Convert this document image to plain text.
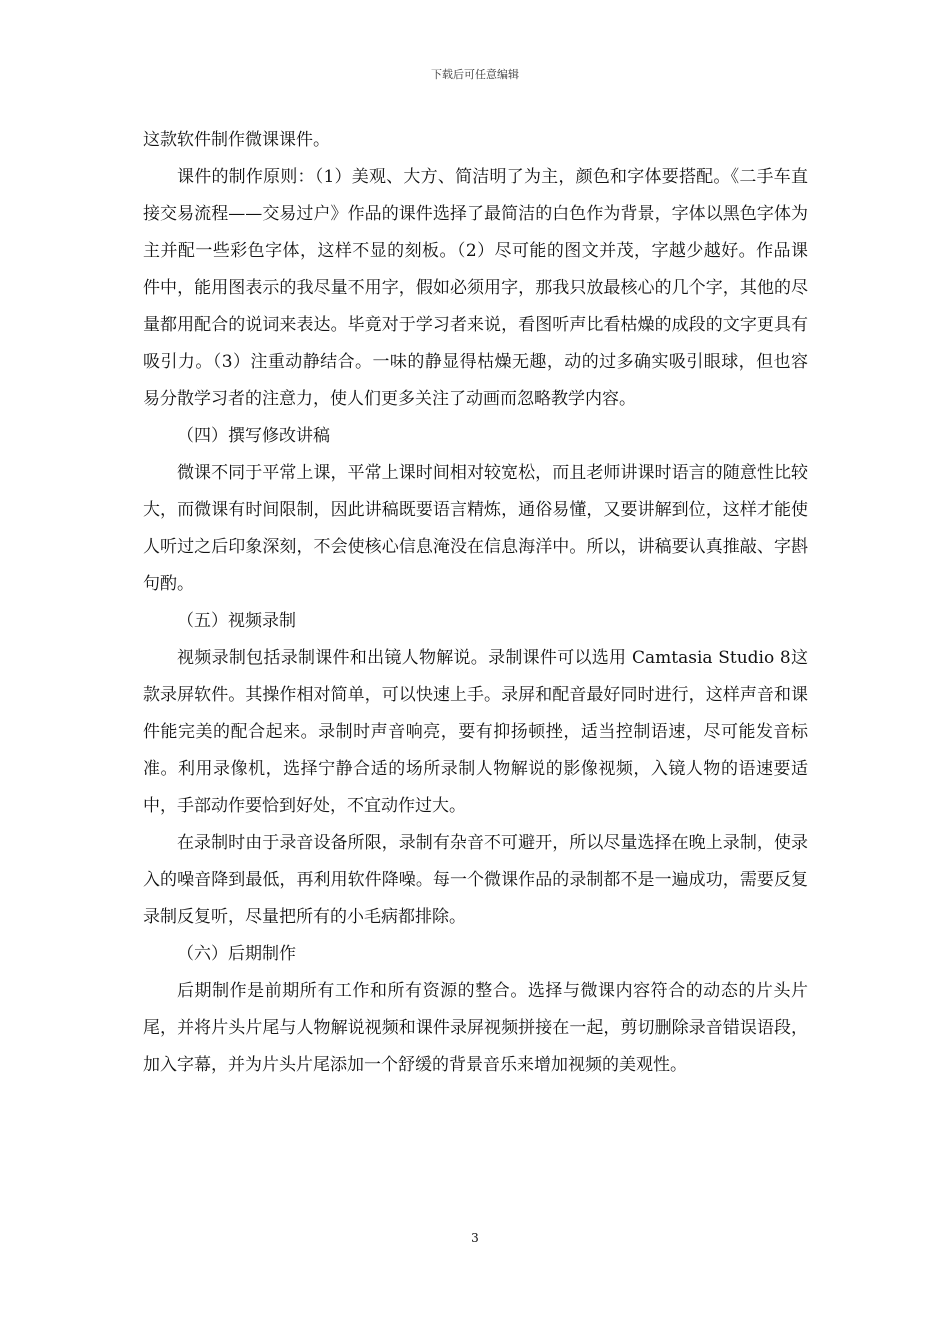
下载后可任意编辑

这款软件制作微课课件。

课件的制作原则：（1）美观、大方、简洁明了为主，颜色和字体要搭配。《二手车直接交易流程——交易过户》作品的课件选择了最简洁的白色作为背景，字体以黑色字体为主并配一些彩色字体，这样不显的刻板。（2）尽可能的图文并茂，字越少越好。作品课件中，能用图表示的我尽量不用字，假如必须用字，那我只放最核心的几个字，其他的尽量都用配合的说词来表达。毕竟对于学习者来说，看图听声比看枯燥的成段的文字更具有吸引力。（3）注重动静结合。一味的静显得枯燥无趣，动的过多确实吸引眼球，但也容易分散学习者的注意力，使人们更多关注了动画而忽略教学内容。

（四）撰写修改讲稿

微课不同于平常上课，平常上课时间相对较宽松，而且老师讲课时语言的随意性比较大，而微课有时间限制，因此讲稿既要语言精炼，通俗易懂，又要讲解到位，这样才能使人听过之后印象深刻，不会使核心信息淹没在信息海洋中。所以，讲稿要认真推敲、字斟句酌。

（五）视频录制

视频录制包括录制课件和出镜人物解说。录制课件可以选用 Camtasia Studio 8这款录屏软件。其操作相对简单，可以快速上手。录屏和配音最好同时进行，这样声音和课件能完美的配合起来。录制时声音响亮，要有抑扬顿挫，适当控制语速，尽可能发音标准。利用录像机，选择宁静合适的场所录制人物解说的影像视频，入镜人物的语速要适中，手部动作要恰到好处，不宜动作过大。

在录制时由于录音设备所限，录制有杂音不可避开，所以尽量选择在晚上录制，使录入的噪音降到最低，再利用软件降噪。每一个微课作品的录制都不是一遍成功，需要反复录制反复听，尽量把所有的小毛病都排除。

（六）后期制作

后期制作是前期所有工作和所有资源的整合。选择与微课内容符合的动态的片头片尾，并将片头片尾与人物解说视频和课件录屏视频拼接在一起，剪切删除录音错误语段，加入字幕，并为片头片尾添加一个舒缓的背景音乐来增加视频的美观性。

3
